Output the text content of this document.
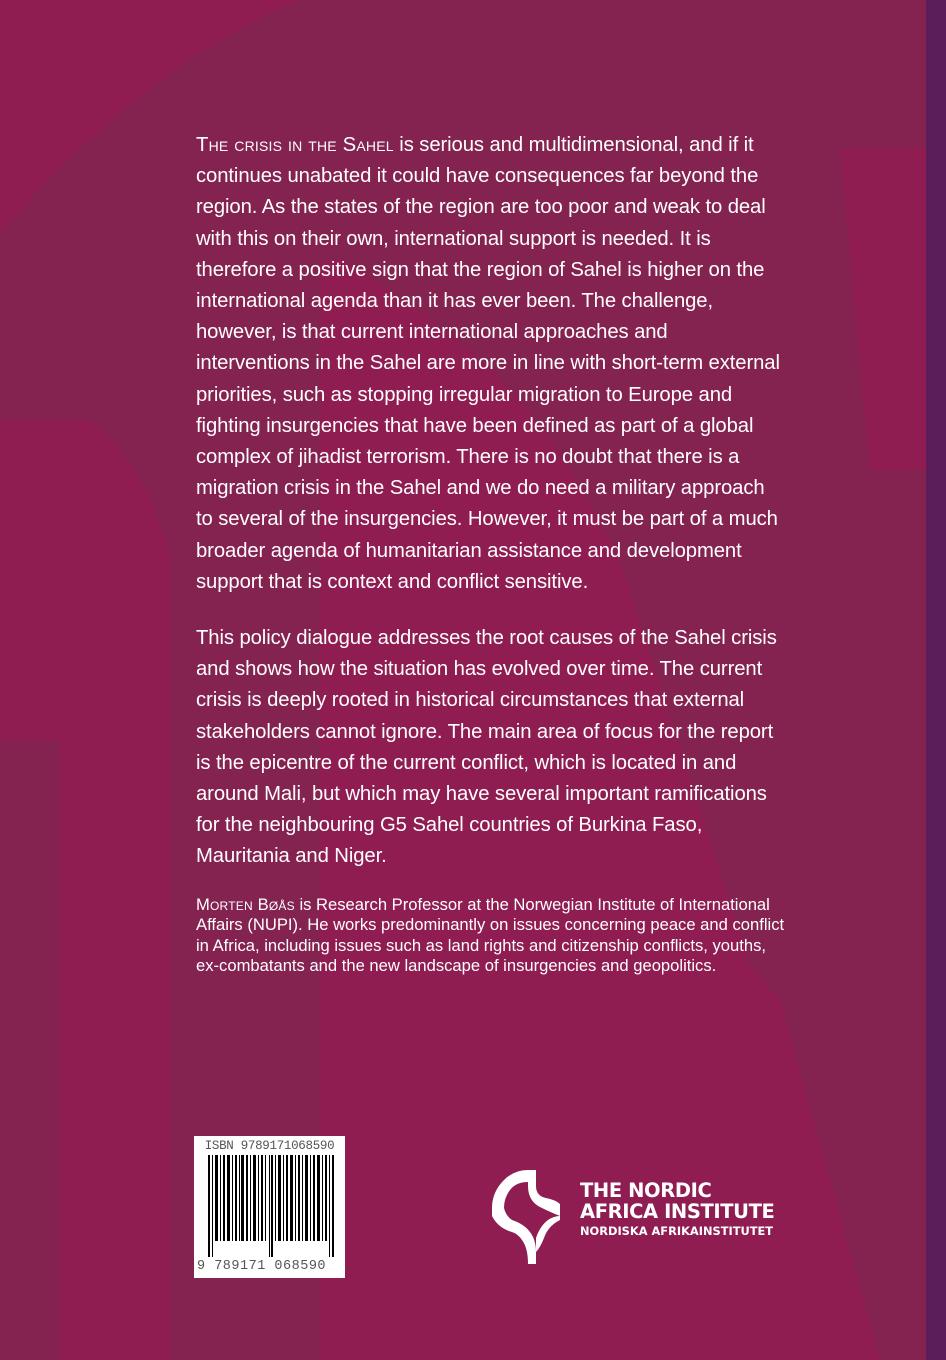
The crisis in the Sahel is serious and multidimensional, and if it continues unabated it could have consequences far beyond the region. As the states of the region are too poor and weak to deal with this on their own, international support is needed. It is therefore a positive sign that the region of Sahel is higher on the international agenda than it has ever been. The challenge, however, is that current international approaches and interventions in the Sahel are more in line with short-term external priorities, such as stopping irregular migration to Europe and fighting insurgencies that have been defined as part of a global complex of jihadist terrorism. There is no doubt that there is a migration crisis in the Sahel and we do need a military approach to several of the insurgencies. However, it must be part of a much broader agenda of humanitarian assistance and development support that is context and conflict sensitive.

This policy dialogue addresses the root causes of the Sahel crisis and shows how the situation has evolved over time. The current crisis is deeply rooted in historical circumstances that external stakeholders cannot ignore. The main area of focus for the report is the epicentre of the current conflict, which is located in and around Mali, but which may have several important ramifications for the neighbouring G5 Sahel countries of Burkina Faso, Mauritania and Niger.

Morten Bøås is Research Professor at the Norwegian Institute of International Affairs (NUPI). He works predominantly on issues concerning peace and conflict in Africa, including issues such as land rights and citizenship conflicts, youths, ex-combatants and the new landscape of insurgencies and geopolitics.

ISBN 9789171068590
9 789171 068590
THE NORDIC
AFRICA INSTITUTE
NORDISKA AFRIKAINSTITUTET
